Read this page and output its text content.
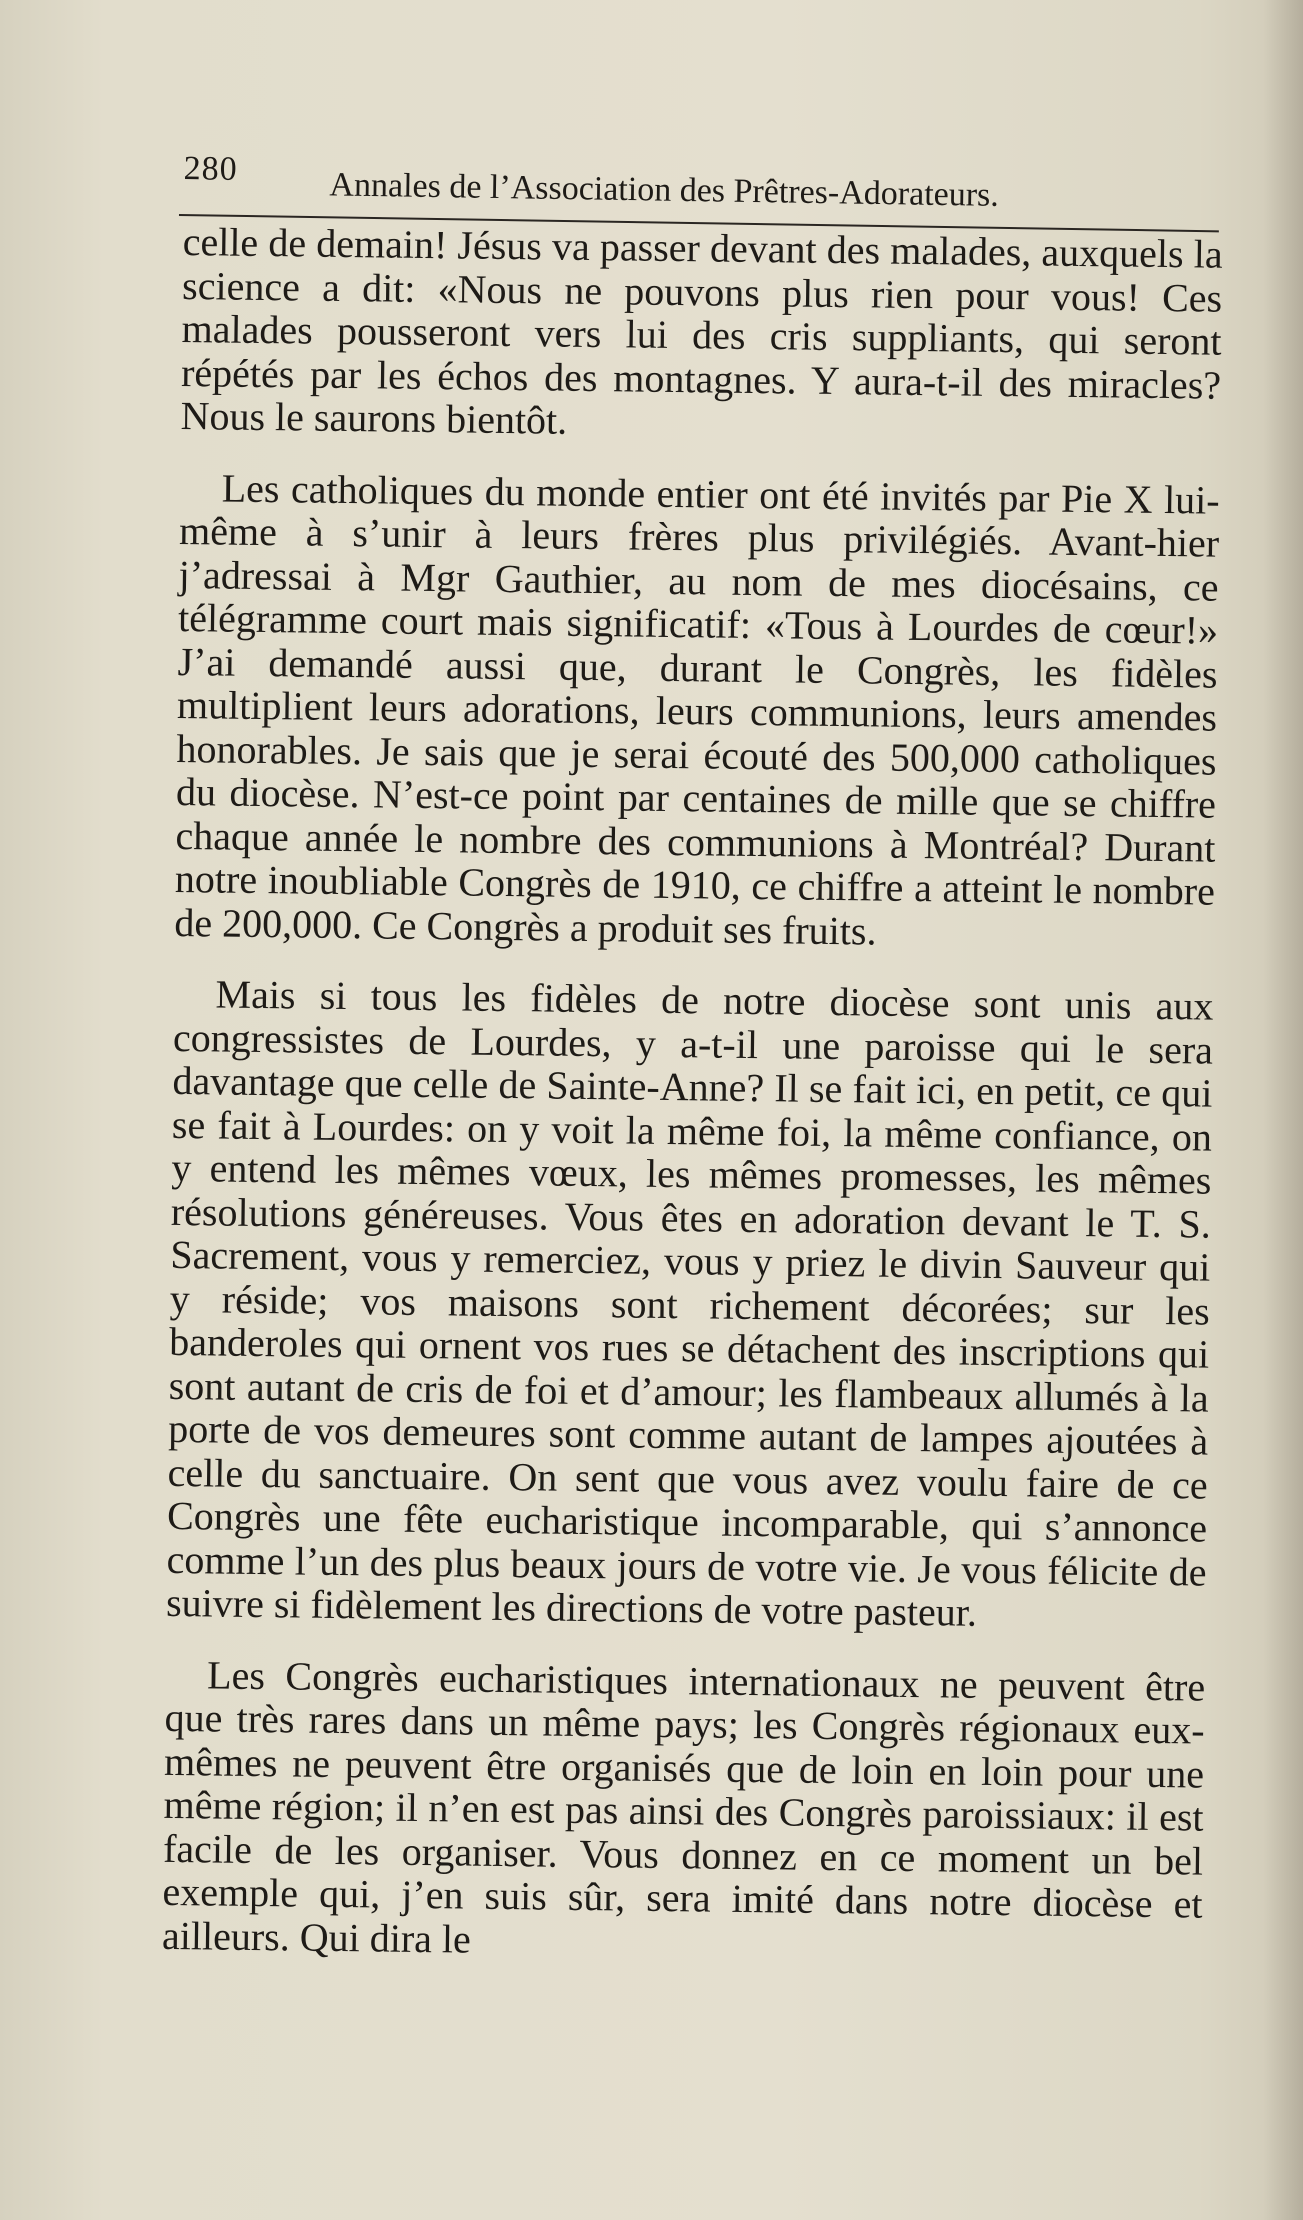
280	Annales de l’Association des Prêtres-Adorateurs.

celle de demain! Jésus va passer devant des malades, auxquels la science a dit: «Nous ne pouvons plus rien pour vous! Ces malades pousseront vers lui des cris suppliants, qui seront répétés par les échos des montagnes. Y aura-t-il des miracles? Nous le saurons bientôt.

Les catholiques du monde entier ont été invités par Pie X lui-même à s’unir à leurs frères plus privilégiés. Avant-hier j’adressai à Mgr Gauthier, au nom de mes diocésains, ce télégramme court mais significatif: «Tous à Lourdes de cœur!» J’ai demandé aussi que, durant le Congrès, les fidèles multiplient leurs adorations, leurs communions, leurs amendes honorables. Je sais que je serai écouté des 500,000 catholiques du diocèse. N’est-ce point par centaines de mille que se chiffre chaque année le nombre des communions à Montréal? Durant notre inoubliable Congrès de 1910, ce chiffre a atteint le nombre de 200,000. Ce Congrès a produit ses fruits.

Mais si tous les fidèles de notre diocèse sont unis aux congressistes de Lourdes, y a-t-il une paroisse qui le sera davantage que celle de Sainte-Anne? Il se fait ici, en petit, ce qui se fait à Lourdes: on y voit la même foi, la même confiance, on y entend les mêmes vœux, les mêmes promesses, les mêmes résolutions généreuses. Vous êtes en adoration devant le T. S. Sacrement, vous y remerciez, vous y priez le divin Sauveur qui y réside; vos maisons sont richement décorées; sur les banderoles qui ornent vos rues se détachent des inscriptions qui sont autant de cris de foi et d’amour; les flambeaux allumés à la porte de vos demeures sont comme autant de lampes ajoutées à celle du sanctuaire. On sent que vous avez voulu faire de ce Congrès une fête eucharistique incomparable, qui s’annonce comme l’un des plus beaux jours de votre vie. Je vous félicite de suivre si fidèlement les directions de votre pasteur.

Les Congrès eucharistiques internationaux ne peuvent être que très rares dans un même pays; les Congrès régionaux eux-mêmes ne peuvent être organisés que de loin en loin pour une même région; il n’en est pas ainsi des Congrès paroissiaux: il est facile de les organiser. Vous donnez en ce moment un bel exemple qui, j’en suis sûr, sera imité dans notre diocèse et ailleurs. Qui dira le
